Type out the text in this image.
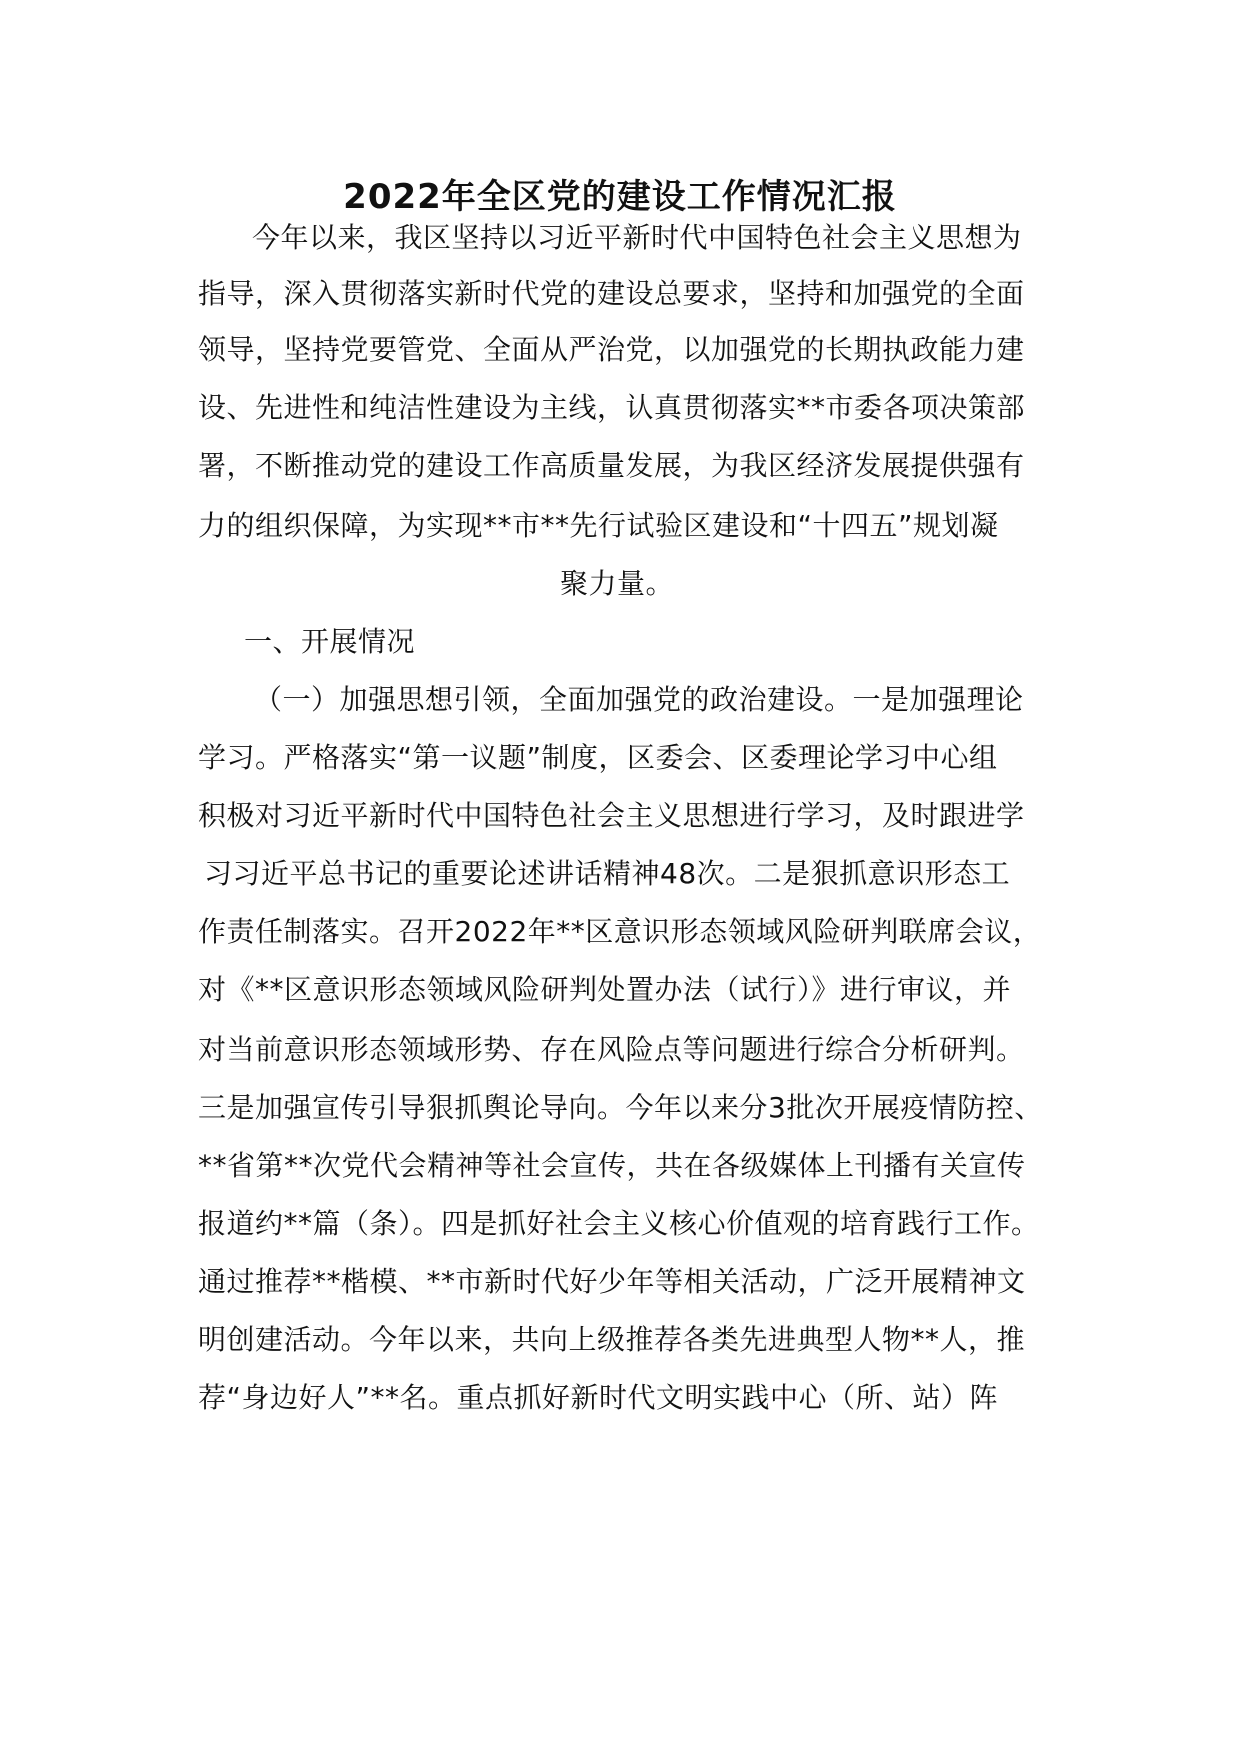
2022年全区党的建设工作情况汇报
今年以来，我区坚持以习近平新时代中国特色社会主义思想为
指导，深入贯彻落实新时代党的建设总要求，坚持和加强党的全面
领导，坚持党要管党、全面从严治党，以加强党的长期执政能力建
设、先进性和纯洁性建设为主线，认真贯彻落实**市委各项决策部
署，不断推动党的建设工作高质量发展，为我区经济发展提供强有
力的组织保障，为实现**市**先行试验区建设和“十四五”规划凝
聚力量。
一、开展情况
（一）加强思想引领，全面加强党的政治建设。一是加强理论
学习。严格落实“第一议题”制度，区委会、区委理论学习中心组
积极对习近平新时代中国特色社会主义思想进行学习，及时跟进学
习习近平总书记的重要论述讲话精神48次。二是狠抓意识形态工
作责任制落实。召开2022年**区意识形态领域风险研判联席会议，
对《**区意识形态领域风险研判处置办法（试行）》进行审议，并
对当前意识形态领域形势、存在风险点等问题进行综合分析研判。
三是加强宣传引导狠抓舆论导向。今年以来分3批次开展疫情防控、
**省第**次党代会精神等社会宣传，共在各级媒体上刊播有关宣传
报道约**篇（条）。四是抓好社会主义核心价值观的培育践行工作。
通过推荐**楷模、**市新时代好少年等相关活动，广泛开展精神文
明创建活动。今年以来，共向上级推荐各类先进典型人物**人，推
荐“身边好人”**名。重点抓好新时代文明实践中心（所、站）阵
